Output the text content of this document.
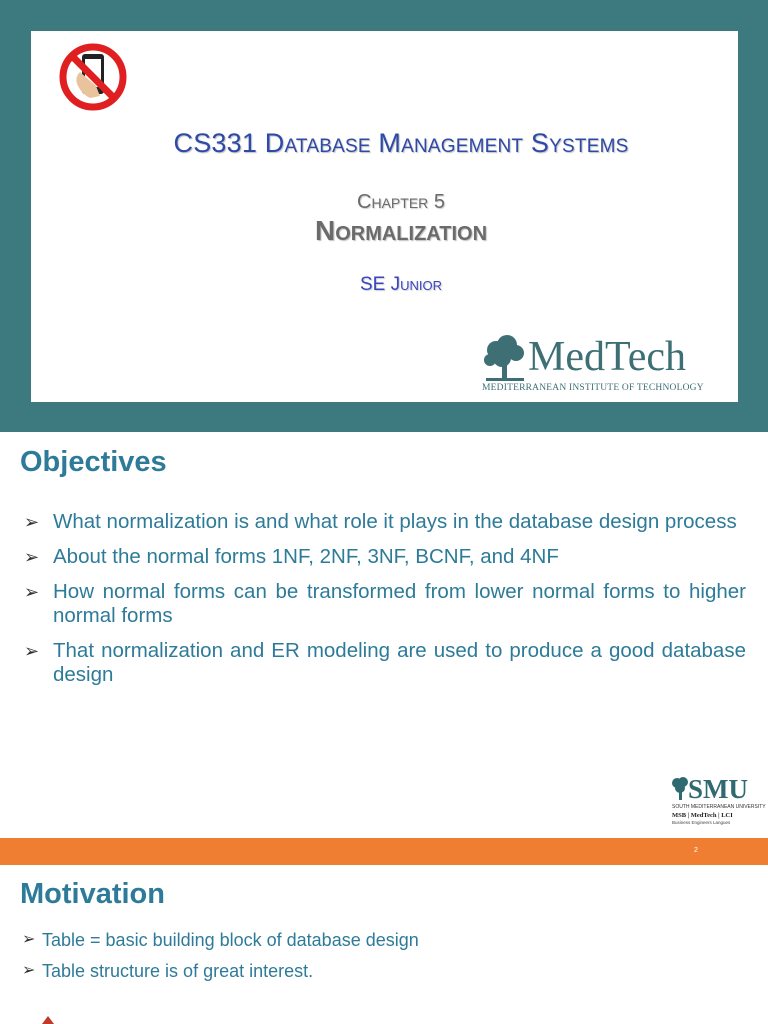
CS331 Database Management Systems
Chapter 5
Normalization
SE Junior
MedTech
MEDITERRANEAN INSTITUTE OF TECHNOLOGY
Objectives
➢ What normalization is and what role it plays in the database design process
➢ About the normal forms 1NF, 2NF, 3NF, BCNF, and 4NF
➢ How normal forms can be transformed from lower normal forms to higher normal forms
➢ That normalization and ER modeling are used to produce a good database design
SMU
SOUTH MEDITERRANEAN UNIVERSITY
MSB | MedTech | LCI
Business Engineers Langues
2
Motivation
➢ Table = basic building block of database design
➢ Table structure is of great interest.
